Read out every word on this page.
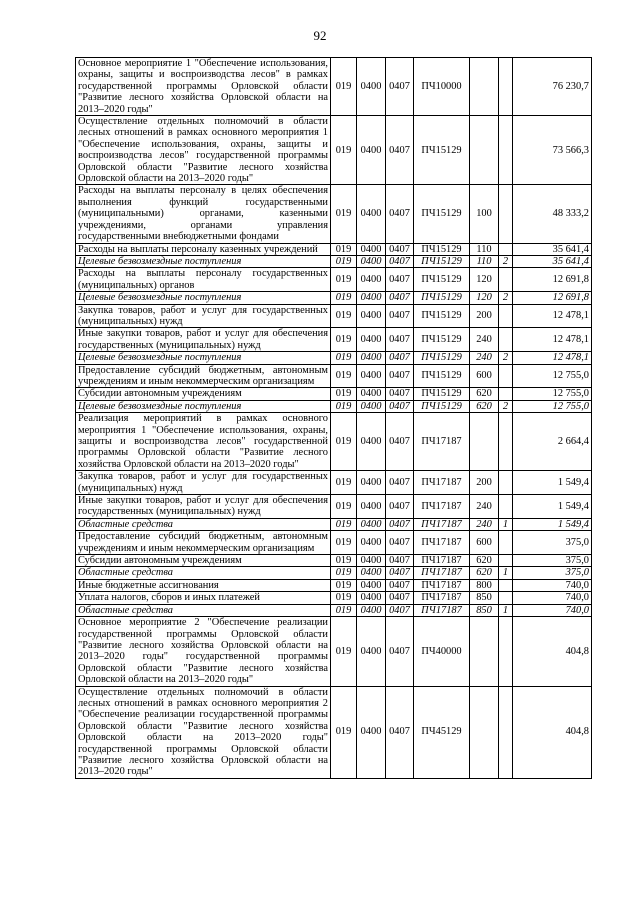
92
Основное мероприятие 1 "Обеспечение использования, охраны, защиты и воспроизводства лесов" в рамках государственной программы Орловской области "Развитие лесного хозяйства Орловской области на 2013–2020 годы"	019	0400	0407	ПЧ10000			76 230,7
Осуществление отдельных полномочий в области лесных отношений в рамках основного мероприятия 1 "Обеспечение использования, охраны, защиты и воспроизводства лесов" государственной программы Орловской области "Развитие лесного хозяйства Орловской области на 2013–2020 годы"	019	0400	0407	ПЧ15129			73 566,3
Расходы на выплаты персоналу в целях обеспечения выполнения функций государственными (муниципальными) органами, казенными учреждениями, органами управления государственными внебюджетными фондами	019	0400	0407	ПЧ15129	100		48 333,2
Расходы на выплаты персоналу казенных учреждений	019	0400	0407	ПЧ15129	110		35 641,4
Целевые безвозмездные поступления	019	0400	0407	ПЧ15129	110	2	35 641,4
Расходы на выплаты персоналу государственных (муниципальных) органов	019	0400	0407	ПЧ15129	120		12 691,8
Целевые безвозмездные поступления	019	0400	0407	ПЧ15129	120	2	12 691,8
Закупка товаров, работ и услуг для государственных (муниципальных) нужд	019	0400	0407	ПЧ15129	200		12 478,1
Иные закупки товаров, работ и услуг для обеспечения государственных (муниципальных) нужд	019	0400	0407	ПЧ15129	240		12 478,1
Целевые безвозмездные поступления	019	0400	0407	ПЧ15129	240	2	12 478,1
Предоставление субсидий бюджетным, автономным учреждениям и иным некоммерческим организациям	019	0400	0407	ПЧ15129	600		12 755,0
Субсидии автономным учреждениям	019	0400	0407	ПЧ15129	620		12 755,0
Целевые безвозмездные поступления	019	0400	0407	ПЧ15129	620	2	12 755,0
Реализация мероприятий в рамках основного мероприятия 1 "Обеспечение использования, охраны, защиты и воспроизводства лесов" государственной программы Орловской области "Развитие лесного хозяйства Орловской области на 2013–2020 годы"	019	0400	0407	ПЧ17187			2 664,4
Закупка товаров, работ и услуг для государственных (муниципальных) нужд	019	0400	0407	ПЧ17187	200		1 549,4
Иные закупки товаров, работ и услуг для обеспечения государственных (муниципальных) нужд	019	0400	0407	ПЧ17187	240		1 549,4
Областные средства	019	0400	0407	ПЧ17187	240	1	1 549,4
Предоставление субсидий бюджетным, автономным учреждениям и иным некоммерческим организациям	019	0400	0407	ПЧ17187	600		375,0
Субсидии автономным учреждениям	019	0400	0407	ПЧ17187	620		375,0
Областные средства	019	0400	0407	ПЧ17187	620	1	375,0
Иные бюджетные ассигнования	019	0400	0407	ПЧ17187	800		740,0
Уплата налогов, сборов и иных платежей	019	0400	0407	ПЧ17187	850		740,0
Областные средства	019	0400	0407	ПЧ17187	850	1	740,0
Основное мероприятие 2 "Обеспечение реализации государственной программы Орловской области "Развитие лесного хозяйства Орловской области на 2013–2020 годы" государственной программы Орловской области "Развитие лесного хозяйства Орловской области на 2013–2020 годы"	019	0400	0407	ПЧ40000			404,8
Осуществление отдельных полномочий в области лесных отношений в рамках основного мероприятия 2 "Обеспечение реализации государственной программы Орловской области "Развитие лесного хозяйства Орловской области на 2013–2020 годы" государственной программы Орловской области "Развитие лесного хозяйства Орловской области на 2013–2020 годы"	019	0400	0407	ПЧ45129			404,8
